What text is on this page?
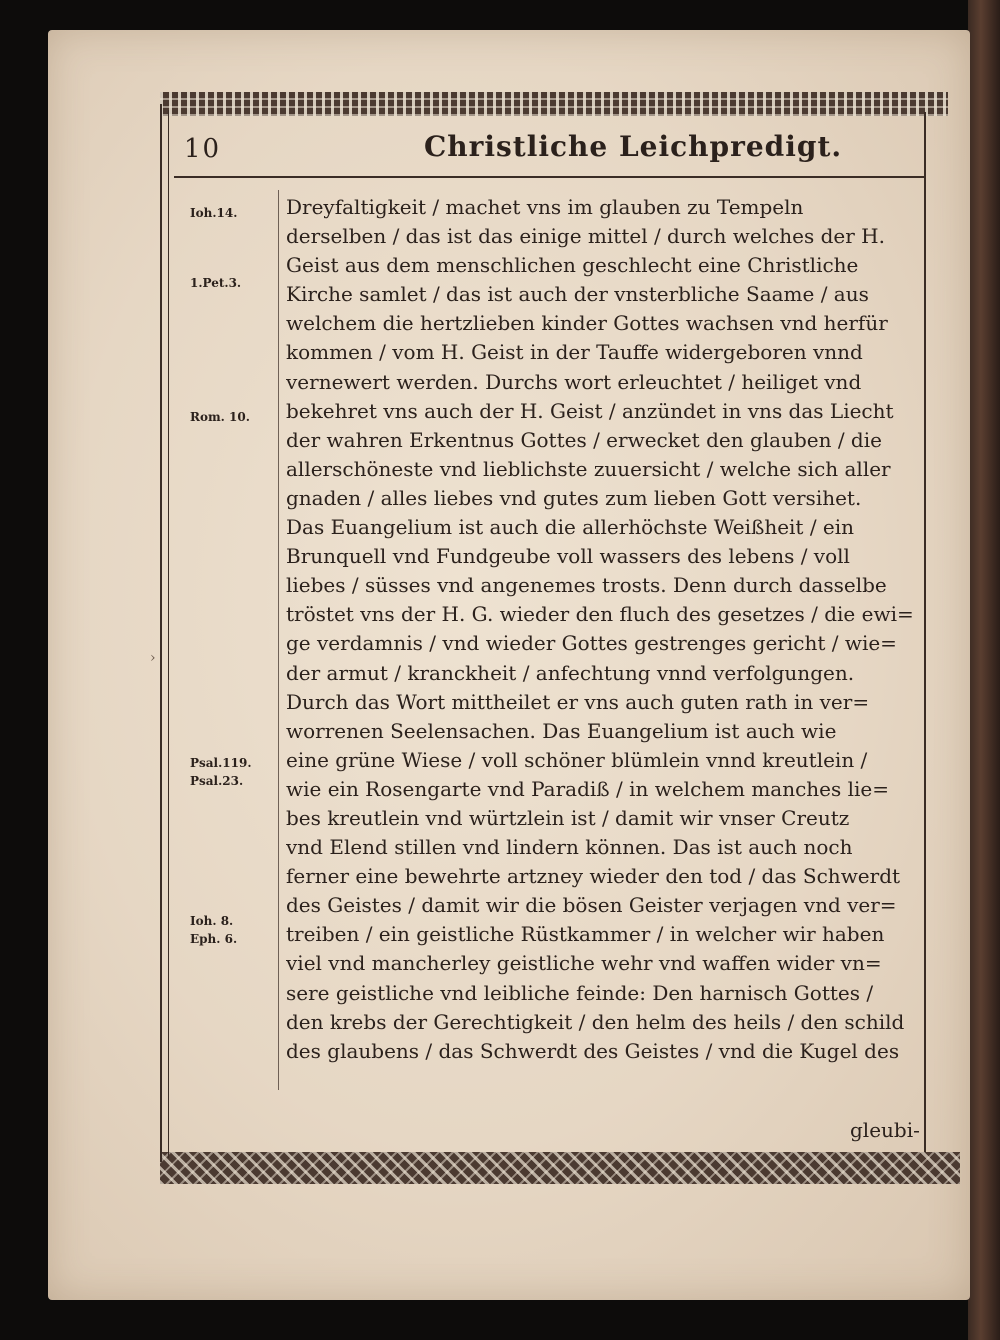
10	Christliche Leichpredigt.
Ioh.14.
1.Pet.3.
Rom. 10.
Psal.119.
Psal.23.
Ioh. 8.
Eph. 6.
›
Dreyfaltigkeit / machet vns im glauben zu Tempeln
derselben / das ist das einige mittel / durch welches der H.
Geist aus dem menschlichen geschlecht eine Christliche
Kirche samlet / das ist auch der vnsterbliche Saame / aus
welchem die hertzlieben kinder Gottes wachsen vnd herfür
kommen / vom H. Geist in der Tauffe widergeboren vnnd
vernewert werden. Durchs wort erleuchtet / heiliget vnd
bekehret vns auch der H. Geist / anzündet in vns das Liecht
der wahren Erkentnus Gottes / erwecket den glauben / die
allerschöneste vnd lieblichste zuuersicht / welche sich aller
gnaden / alles liebes vnd gutes zum lieben Gott versihet.
Das Euangelium ist auch die allerhöchste Weißheit / ein
Brunquell vnd Fundgeube voll wassers des lebens / voll
liebes / süsses vnd angenemes trosts. Denn durch dasselbe
tröstet vns der H. G. wieder den fluch des gesetzes / die ewi=
ge verdamnis / vnd wieder Gottes gestrenges gericht / wie=
der armut / kranckheit / anfechtung vnnd verfolgungen.
Durch das Wort mittheilet er vns auch guten rath in ver=
worrenen Seelensachen. Das Euangelium ist auch wie
eine grüne Wiese / voll schöner blümlein vnnd kreutlein /
wie ein Rosengarte vnd Paradiß / in welchem manches lie=
bes kreutlein vnd würtzlein ist / damit wir vnser Creutz
vnd Elend stillen vnd lindern können. Das ist auch noch
ferner eine bewehrte artzney wieder den tod / das Schwerdt
des Geistes / damit wir die bösen Geister verjagen vnd ver=
treiben / ein geistliche Rüstkammer / in welcher wir haben
viel vnd mancherley geistliche wehr vnd waffen wider vn=
sere geistliche vnd leibliche feinde: Den harnisch Gottes /
den krebs der Gerechtigkeit / den helm des heils / den schild
des glaubens / das Schwerdt des Geistes / vnd die Kugel des
gleubi-
